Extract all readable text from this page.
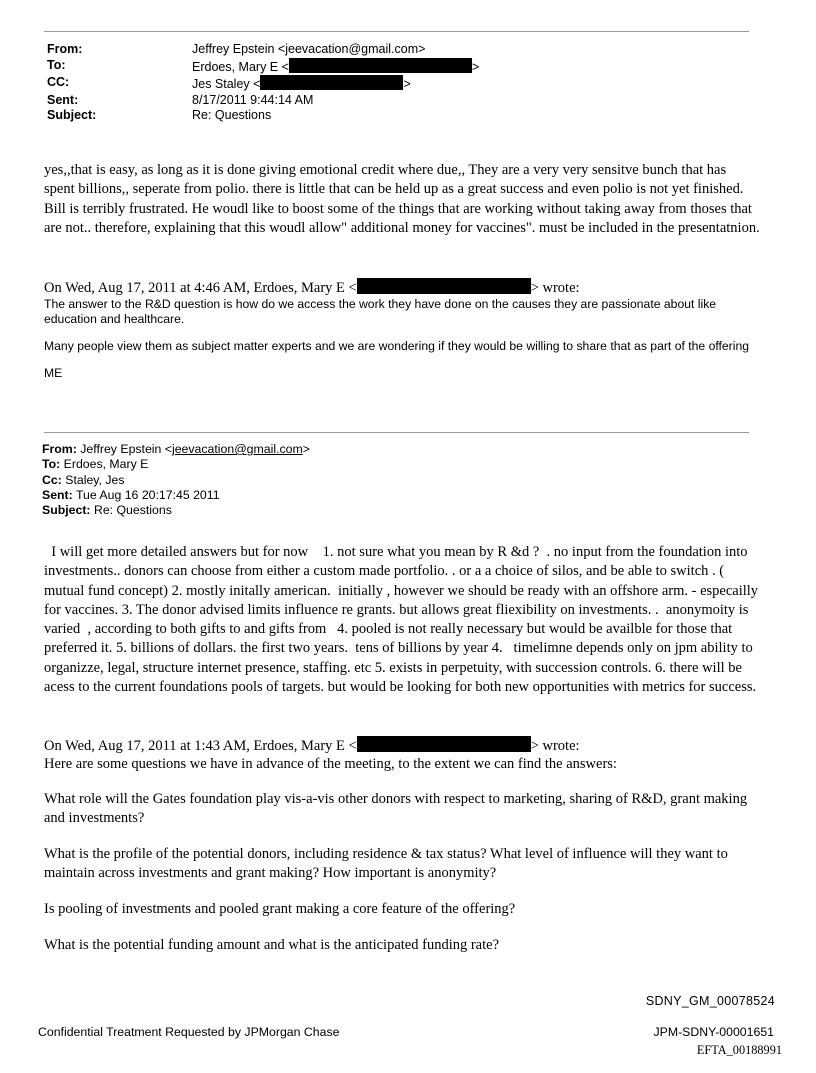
From:	Jeffrey Epstein <jeevacation@gmail.com>
To:	Erdoes, Mary E <	>
CC:	Jes Staley <	>
Sent:	8/17/2011 9:44:14 AM
Subject:	Re: Questions
yes,,that is easy, as long as it is done giving emotional credit where due,, They are a very very sensitve bunch that has spent billions,, seperate from polio. there is little that can be held up as a great success and even polio is not yet finished. Bill is terribly frustrated. He woudl like to boost some of the things that are working without taking away from thoses that are not.. therefore, explaining that this woudl allow" additional money for vaccines". must be included in the presentatnion.
On Wed, Aug 17, 2011 at 4:46 AM, Erdoes, Mary E <	> wrote:

The answer to the R&D question is how do we access the work they have done on the causes they are passionate about like education and healthcare.

Many people view them as subject matter experts and we are wondering if they would be willing to share that as part of the offering

ME

From: Jeffrey Epstein <jeevacation@gmail.com>
To: Erdoes, Mary E
Cc: Staley, Jes
Sent: Tue Aug 16 20:17:45 2011
Subject: Re: Questions
I will get more detailed answers but for now    1. not sure what you mean by R &d ?  . no input from the foundation into investments.. donors can choose from either a custom made portfolio. . or a a choice of silos, and be able to switch . ( mutual fund concept) 2. mostly initally american.  initially , however we should be ready with an offshore arm. - especailly for vaccines. 3. The donor advised limits influence re grants. but allows great fliexibility on investments. .  anonymoity is varied  , according to both gifts to and gifts from   4. pooled is not really necessary but would be availble for those that preferred it. 5. billions of dollars. the first two years.  tens of billions by year 4.   timelimne depends only on jpm ability to organizze, legal, structure internet presence, staffing. etc 5. exists in perpetuity, with succession controls. 6. there will be acess to the current foundations pools of targets. but would be looking for both new opportunities with metrics for success.
On Wed, Aug 17, 2011 at 1:43 AM, Erdoes, Mary E <	> wrote:
Here are some questions we have in advance of the meeting, to the extent we can find the answers:
What role will the Gates foundation play vis-a-vis other donors with respect to marketing, sharing of R&D, grant making and investments?
What is the profile of the potential donors, including residence & tax status? What level of influence will they want to maintain across investments and grant making? How important is anonymity?
Is pooling of investments and pooled grant making a core feature of the offering?
What is the potential funding amount and what is the anticipated funding rate?
SDNY_GM_00078524
Confidential Treatment Requested by JPMorgan Chase	JPM-SDNY-00001651
EFTA_00188991
